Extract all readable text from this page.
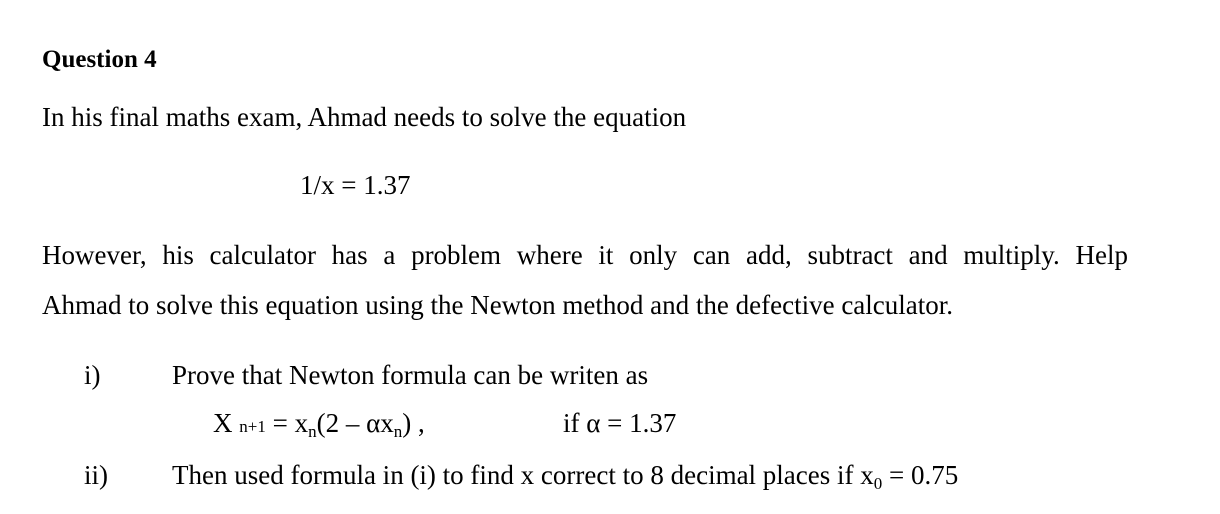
Question 4
In his final maths exam, Ahmad needs to solve the equation
1/x = 1.37
However, his calculator has a problem where it only can add, subtract and multiply. Help
Ahmad to solve this equation using the Newton method and the defective calculator.
i)	Prove that Newton formula can be writen as
X n+1 = xn(2 – αxn) ,	if α = 1.37
ii) Then used formula in (i) to find x correct to 8 decimal places if x0 = 0.75
